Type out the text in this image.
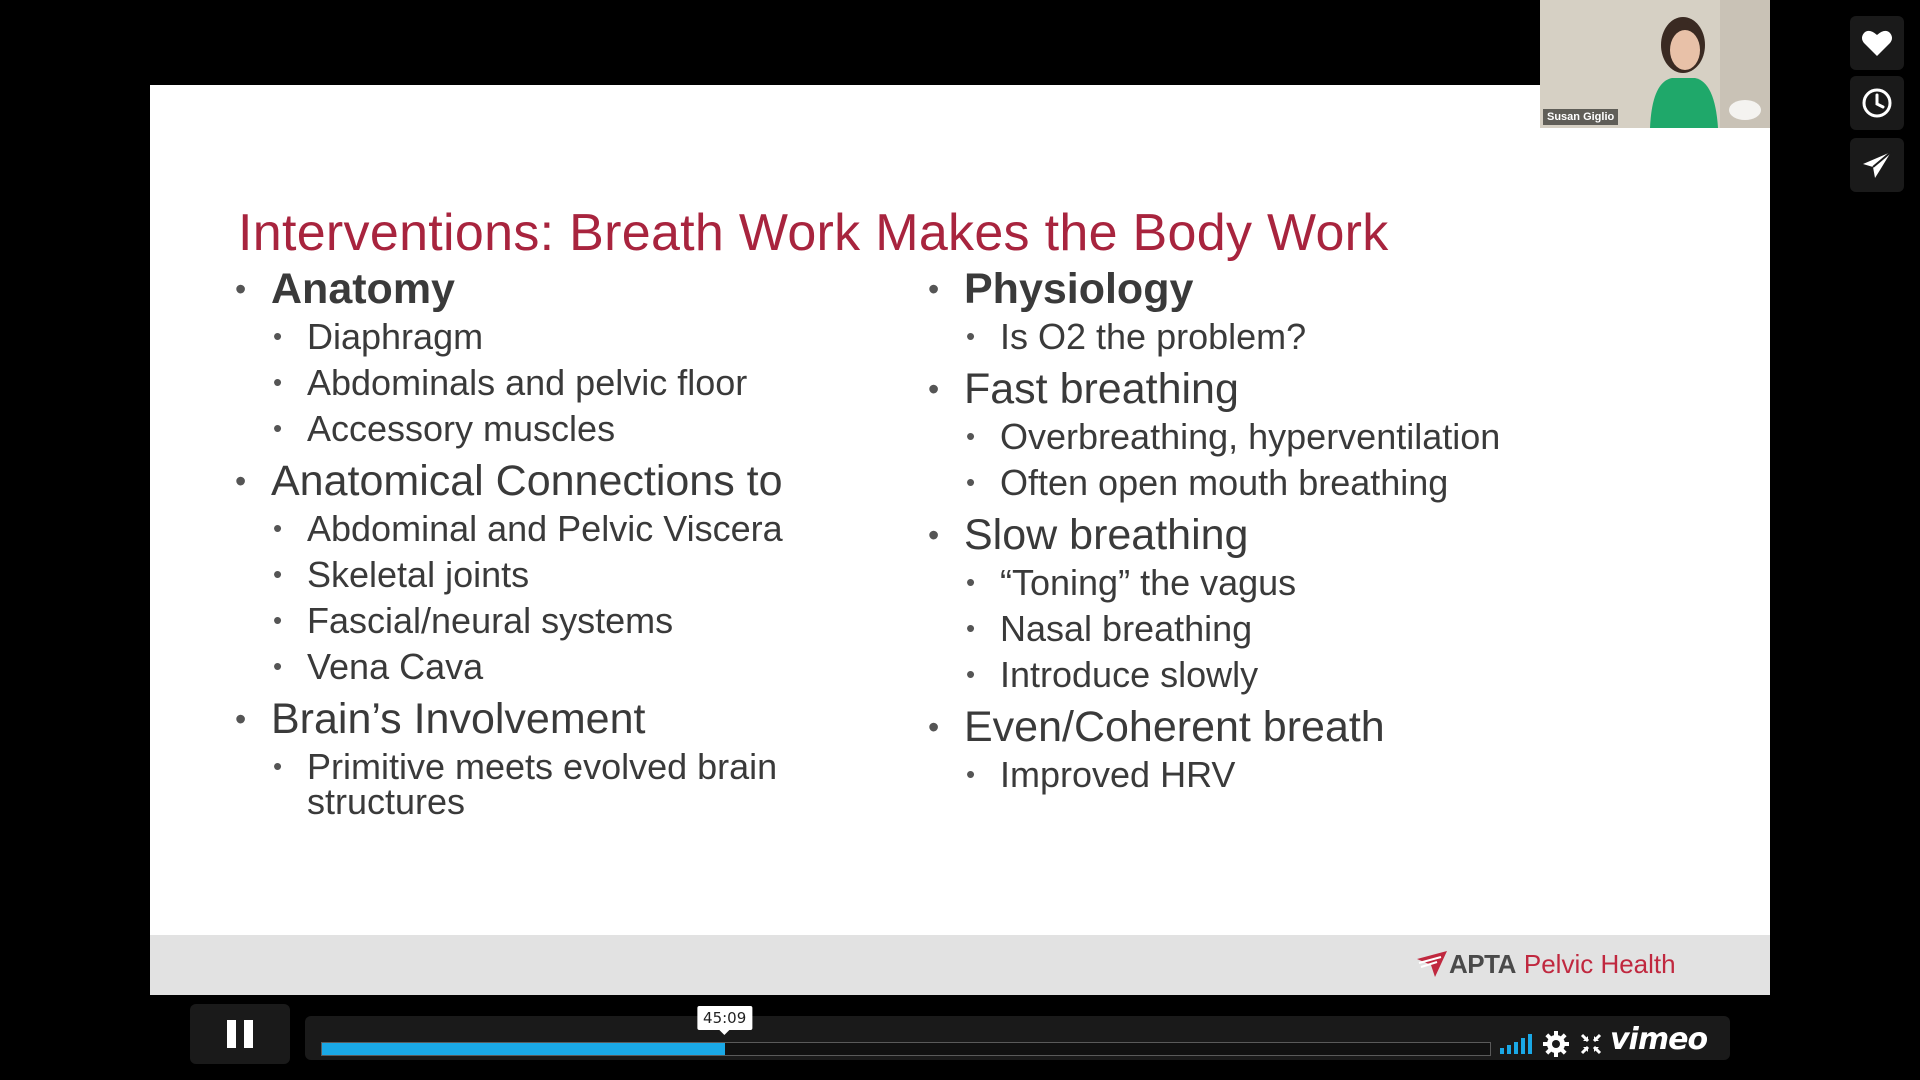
Interventions: Breath Work Makes the Body Work
• Anatomy
• Diaphragm
• Abdominals and pelvic floor
• Accessory muscles
• Anatomical Connections to
• Abdominal and Pelvic Viscera
• Skeletal joints
• Fascial/neural systems
• Vena Cava
• Brain’s Involvement
• Primitive meets evolved brain structures
• Physiology
• Is O2 the problem?
• Fast breathing
• Overbreathing, hyperventilation
• Often open mouth breathing
• Slow breathing
• “Toning” the vagus
• Nasal breathing
• Introduce slowly
• Even/Coherent breath
• Improved HRV
APTA Pelvic Health
Susan Giglio
45:09
vimeo
